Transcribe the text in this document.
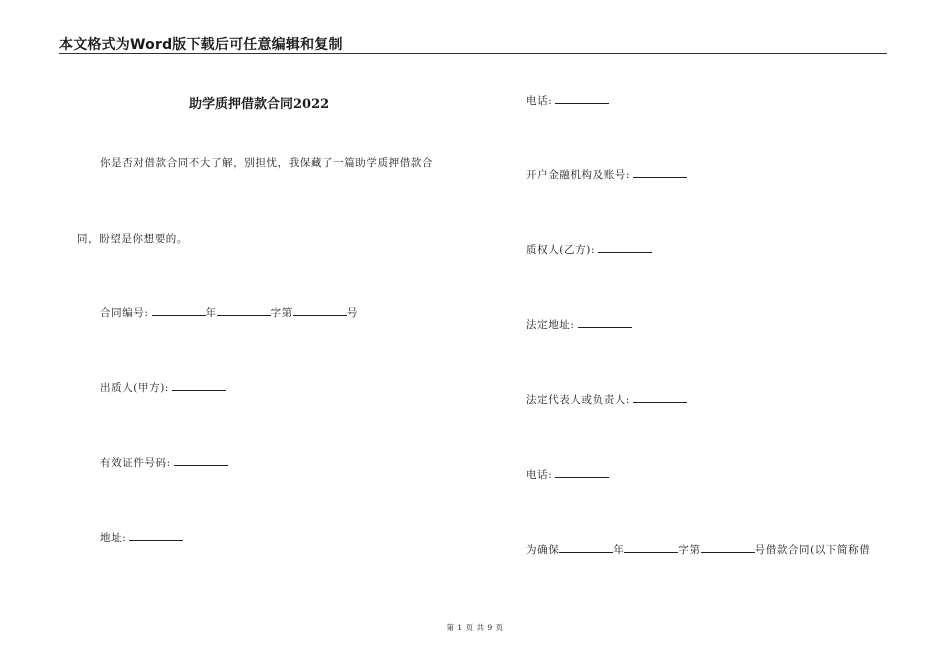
本文格式为Word版下载后可任意编辑和复制
助学质押借款合同2022
你是否对借款合同不大了解，别担忧，我保藏了一篇助学质押借款合
同，盼望是你想要的。
合同编号:	年	字第	号
出质人(甲方):
有效证件号码:
地址:
电话:
开户金融机构及账号:
质权人(乙方):
法定地址:
法定代表人或负责人:
电话:
为确保	年	字第	号借款合同(以下简称借
第 1 页 共 9 页
